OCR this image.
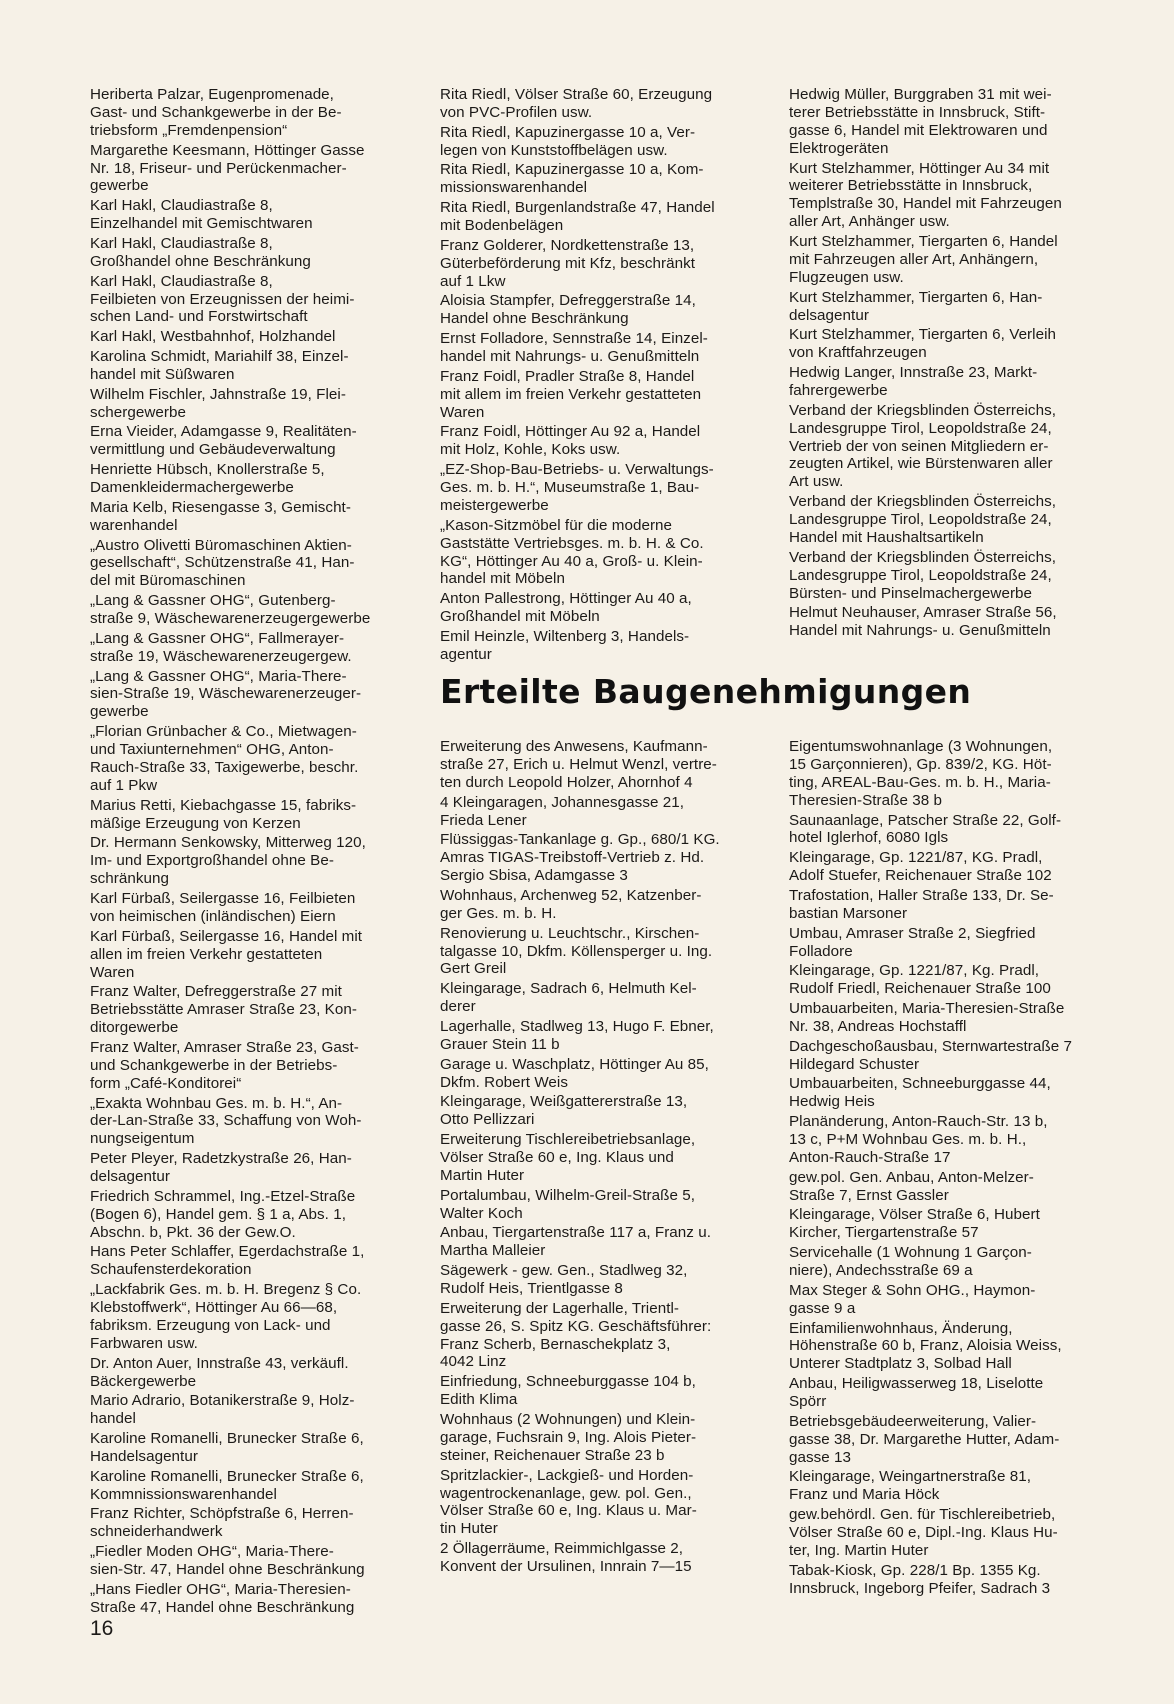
Heriberta Palzar, Eugenpromenade,
Gast- und Schankgewerbe in der Be-
triebsform „Fremdenpension“

Margarethe Keesmann, Höttinger Gasse
Nr. 18, Friseur- und Perückenmacher-
gewerbe

Karl Hakl, Claudiastraße 8,
Einzelhandel mit Gemischtwaren

Karl Hakl, Claudiastraße 8,
Großhandel ohne Beschränkung

Karl Hakl, Claudiastraße 8,
Feilbieten von Erzeugnissen der heimi-
schen Land- und Forstwirtschaft

Karl Hakl, Westbahnhof, Holzhandel

Karolina Schmidt, Mariahilf 38, Einzel-
handel mit Süßwaren

Wilhelm Fischler, Jahnstraße 19, Flei-
schergewerbe

Erna Vieider, Adamgasse 9, Realitäten-
vermittlung und Gebäudeverwaltung

Henriette Hübsch, Knollerstraße 5,
Damenkleidermachergewerbe

Maria Kelb, Riesengasse 3, Gemischt-
warenhandel

„Austro Olivetti Büromaschinen Aktien-
gesellschaft“, Schützenstraße 41, Han-
del mit Büromaschinen

„Lang & Gassner OHG“, Gutenberg-
straße 9, Wäschewarenerzeugergewerbe

„Lang & Gassner OHG“, Fallmerayer-
straße 19, Wäschewarenerzeugergew.

„Lang & Gassner OHG“, Maria-There-
sien-Straße 19, Wäschewarenerzeuger-
gewerbe

„Florian Grünbacher & Co., Mietwagen-
und Taxiunternehmen“ OHG, Anton-
Rauch-Straße 33, Taxigewerbe, beschr.
auf 1 Pkw

Marius Retti, Kiebachgasse 15, fabriks-
mäßige Erzeugung von Kerzen

Dr. Hermann Senkowsky, Mitterweg 120,
Im- und Exportgroßhandel ohne Be-
schränkung

Karl Fürbaß, Seilergasse 16, Feilbieten
von heimischen (inländischen) Eiern

Karl Fürbaß, Seilergasse 16, Handel mit
allen im freien Verkehr gestatteten
Waren

Franz Walter, Defreggerstraße 27 mit
Betriebsstätte Amraser Straße 23, Kon-
ditorgewerbe

Franz Walter, Amraser Straße 23, Gast-
und Schankgewerbe in der Betriebs-
form „Café-Konditorei“

„Exakta Wohnbau Ges. m. b. H.“, An-
der-Lan-Straße 33, Schaffung von Woh-
nungseigentum

Peter Pleyer, Radetzkystraße 26, Han-
delsagentur

Friedrich Schrammel, Ing.-Etzel-Straße
(Bogen 6), Handel gem. § 1 a, Abs. 1,
Abschn. b, Pkt. 36 der Gew.O.

Hans Peter Schlaffer, Egerdachstraße 1,
Schaufensterdekoration

„Lackfabrik Ges. m. b. H. Bregenz § Co.
Klebstoffwerk“, Höttinger Au 66—68,
fabriksm. Erzeugung von Lack- und
Farbwaren usw.

Dr. Anton Auer, Innstraße 43, verkäufl.
Bäckergewerbe

Mario Adrario, Botanikerstraße 9, Holz-
handel

Karoline Romanelli, Brunecker Straße 6,
Handelsagentur

Karoline Romanelli, Brunecker Straße 6,
Kommnissionswarenhandel

Franz Richter, Schöpfstraße 6, Herren-
schneiderhandwerk

„Fiedler Moden OHG“, Maria-There-
sien-Str. 47, Handel ohne Beschränkung

„Hans Fiedler OHG“, Maria-Theresien-
Straße 47, Handel ohne Beschränkung

Rita Riedl, Völser Straße 60, Erzeugung
von PVC-Profilen usw.

Rita Riedl, Kapuzinergasse 10 a, Ver-
legen von Kunststoffbelägen usw.

Rita Riedl, Kapuzinergasse 10 a, Kom-
missionswarenhandel

Rita Riedl, Burgenlandstraße 47, Handel
mit Bodenbelägen

Franz Golderer, Nordkettenstraße 13,
Güterbeförderung mit Kfz, beschränkt
auf 1 Lkw

Aloisia Stampfer, Defreggerstraße 14,
Handel ohne Beschränkung

Ernst Folladore, Sennstraße 14, Einzel-
handel mit Nahrungs- u. Genußmitteln

Franz Foidl, Pradler Straße 8, Handel
mit allem im freien Verkehr gestatteten
Waren

Franz Foidl, Höttinger Au 92 a, Handel
mit Holz, Kohle, Koks usw.

„EZ-Shop-Bau-Betriebs- u. Verwaltungs-
Ges. m. b. H.“, Museumstraße 1, Bau-
meistergewerbe

„Kason-Sitzmöbel für die moderne
Gaststätte Vertriebsges. m. b. H. & Co.
KG“, Höttinger Au 40 a, Groß- u. Klein-
handel mit Möbeln

Anton Pallestrong, Höttinger Au 40 a,
Großhandel mit Möbeln

Emil Heinzle, Wiltenberg 3, Handels-
agentur

Hedwig Müller, Burggraben 31 mit wei-
terer Betriebsstätte in Innsbruck, Stift-
gasse 6, Handel mit Elektrowaren und
Elektrogeräten

Kurt Stelzhammer, Höttinger Au 34 mit
weiterer Betriebsstätte in Innsbruck,
Templstraße 30, Handel mit Fahrzeugen
aller Art, Anhänger usw.

Kurt Stelzhammer, Tiergarten 6, Handel
mit Fahrzeugen aller Art, Anhängern,
Flugzeugen usw.

Kurt Stelzhammer, Tiergarten 6, Han-
delsagentur

Kurt Stelzhammer, Tiergarten 6, Verleih
von Kraftfahrzeugen

Hedwig Langer, Innstraße 23, Markt-
fahrergewerbe

Verband der Kriegsblinden Österreichs,
Landesgruppe Tirol, Leopoldstraße 24,
Vertrieb der von seinen Mitgliedern er-
zeugten Artikel, wie Bürstenwaren aller
Art usw.

Verband der Kriegsblinden Österreichs,
Landesgruppe Tirol, Leopoldstraße 24,
Handel mit Haushaltsartikeln

Verband der Kriegsblinden Österreichs,
Landesgruppe Tirol, Leopoldstraße 24,
Bürsten- und Pinselmachergewerbe

Helmut Neuhauser, Amraser Straße 56,
Handel mit Nahrungs- u. Genußmitteln

Erteilte Baugenehmigungen

Erweiterung des Anwesens, Kaufmann-
straße 27, Erich u. Helmut Wenzl, vertre-
ten durch Leopold Holzer, Ahornhof 4

4 Kleingaragen, Johannesgasse 21,
Frieda Lener

Flüssiggas-Tankanlage g. Gp., 680/1 KG.
Amras TIGAS-Treibstoff-Vertrieb z. Hd.
Sergio Sbisa, Adamgasse 3

Wohnhaus, Archenweg 52, Katzenber-
ger Ges. m. b. H.

Renovierung u. Leuchtschr., Kirschen-
talgasse 10, Dkfm. Köllensperger u. Ing.
Gert Greil

Kleingarage, Sadrach 6, Helmuth Kel-
derer

Lagerhalle, Stadlweg 13, Hugo F. Ebner,
Grauer Stein 11 b

Garage u. Waschplatz, Höttinger Au 85,
Dkfm. Robert Weis

Kleingarage, Weißgattererstraße 13,
Otto Pellizzari

Erweiterung Tischlereibetriebsanlage,
Völser Straße 60 e, Ing. Klaus und
Martin Huter

Portalumbau, Wilhelm-Greil-Straße 5,
Walter Koch

Anbau, Tiergartenstraße 117 a, Franz u.
Martha Malleier

Sägewerk - gew. Gen., Stadlweg 32,
Rudolf Heis, Trientlgasse 8

Erweiterung der Lagerhalle, Trientl-
gasse 26, S. Spitz KG. Geschäftsführer:
Franz Scherb, Bernaschekplatz 3,
4042 Linz

Einfriedung, Schneeburggasse 104 b,
Edith Klima

Wohnhaus (2 Wohnungen) und Klein-
garage, Fuchsrain 9, Ing. Alois Pieter-
steiner, Reichenauer Straße 23 b

Spritzlackier-, Lackgieß- und Horden-
wagentrockenanlage, gew. pol. Gen.,
Völser Straße 60 e, Ing. Klaus u. Mar-
tin Huter

2 Öllagerräume, Reimmichlgasse 2,
Konvent der Ursulinen, Innrain 7—15

Eigentumswohnanlage (3 Wohnungen,
15 Garçonnieren), Gp. 839/2, KG. Höt-
ting, AREAL-Bau-Ges. m. b. H., Maria-
Theresien-Straße 38 b

Saunaanlage, Patscher Straße 22, Golf-
hotel Iglerhof, 6080 Igls

Kleingarage, Gp. 1221/87, KG. Pradl,
Adolf Stuefer, Reichenauer Straße 102

Trafostation, Haller Straße 133, Dr. Se-
bastian Marsoner

Umbau, Amraser Straße 2, Siegfried
Folladore

Kleingarage, Gp. 1221/87, Kg. Pradl,
Rudolf Friedl, Reichenauer Straße 100

Umbauarbeiten, Maria-Theresien-Straße
Nr. 38, Andreas Hochstaffl

Dachgeschoßausbau, Sternwartestraße 7
Hildegard Schuster

Umbauarbeiten, Schneeburggasse 44,
Hedwig Heis

Planänderung, Anton-Rauch-Str. 13 b,
13 c, P+M Wohnbau Ges. m. b. H.,
Anton-Rauch-Straße 17

gew.pol. Gen. Anbau, Anton-Melzer-
Straße 7, Ernst Gassler

Kleingarage, Völser Straße 6, Hubert
Kircher, Tiergartenstraße 57

Servicehalle (1 Wohnung 1 Garçon-
niere), Andechsstraße 69 a

Max Steger & Sohn OHG., Haymon-
gasse 9 a

Einfamilienwohnhaus, Änderung,
Höhenstraße 60 b, Franz, Aloisia Weiss,
Unterer Stadtplatz 3, Solbad Hall

Anbau, Heiligwasserweg 18, Liselotte
Spörr

Betriebsgebäudeerweiterung, Valier-
gasse 38, Dr. Margarethe Hutter, Adam-
gasse 13

Kleingarage, Weingartnerstraße 81,
Franz und Maria Höck

gew.behördl. Gen. für Tischlereibetrieb,
Völser Straße 60 e, Dipl.-Ing. Klaus Hu-
ter, Ing. Martin Huter

Tabak-Kiosk, Gp. 228/1 Bp. 1355 Kg.
Innsbruck, Ingeborg Pfeifer, Sadrach 3

16
